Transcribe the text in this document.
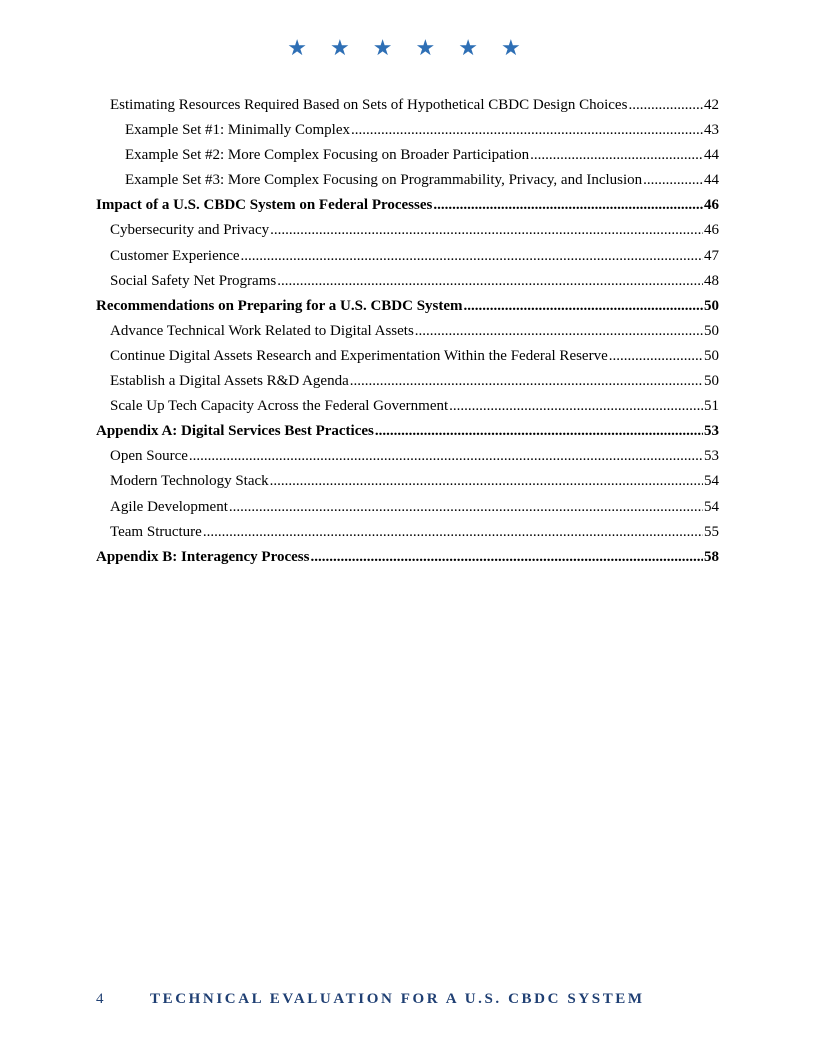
★ ★ ★ ★ ★ ★
Estimating Resources Required Based on Sets of Hypothetical CBDC Design Choices .....	42
Example Set #1: Minimally Complex .....	43
Example Set #2: More Complex Focusing on Broader Participation .....	44
Example Set #3: More Complex Focusing on Programmability, Privacy, and Inclusion .....	44
Impact of a U.S. CBDC System on Federal Processes .....	46
Cybersecurity and Privacy .....	46
Customer Experience .....	47
Social Safety Net Programs .....	48
Recommendations on Preparing for a U.S. CBDC System .....	50
Advance Technical Work Related to Digital Assets .....	50
Continue Digital Assets Research and Experimentation Within the Federal Reserve .....	50
Establish a Digital Assets R&D Agenda .....	50
Scale Up Tech Capacity Across the Federal Government .....	51
Appendix A: Digital Services Best Practices .....	53
Open Source .....	53
Modern Technology Stack .....	54
Agile Development .....	54
Team Structure .....	55
Appendix B: Interagency Process .....	58
4	TECHNICAL EVALUATION FOR A U.S. CBDC SYSTEM
